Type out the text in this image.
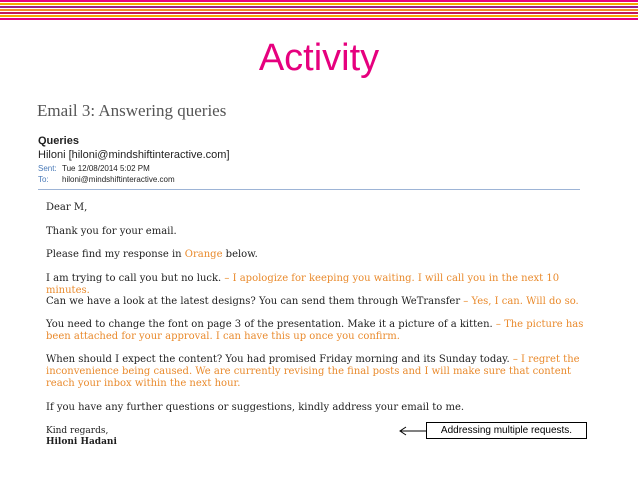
Activity
Email 3: Answering queries
Queries
Hiloni [hiloni@mindshiftinteractive.com]
Sent: Tue 12/08/2014 5:02 PM
To:	hiloni@mindshiftinteractive.com

Dear M,

Thank you for your email.

Please find my response in Orange below.

I am trying to call you but no luck. – I apologize for keeping you waiting. I will call you in the next 10 minutes.

Can we have a look at the latest designs? You can send them through WeTransfer – Yes, I can. Will do so.

You need to change the font on page 3 of the presentation. Make it a picture of a kitten. – The picture has been attached for your approval. I can have this up once you confirm.

When should I expect the content? You had promised Friday morning and its Sunday today. – I regret the inconvenience being caused. We are currently revising the final posts and I will make sure that content reach your inbox within the next hour.

If you have any further questions or suggestions, kindly address your email to me.

Kind regards,

Hiloni Hadani

Addressing multiple requests.
